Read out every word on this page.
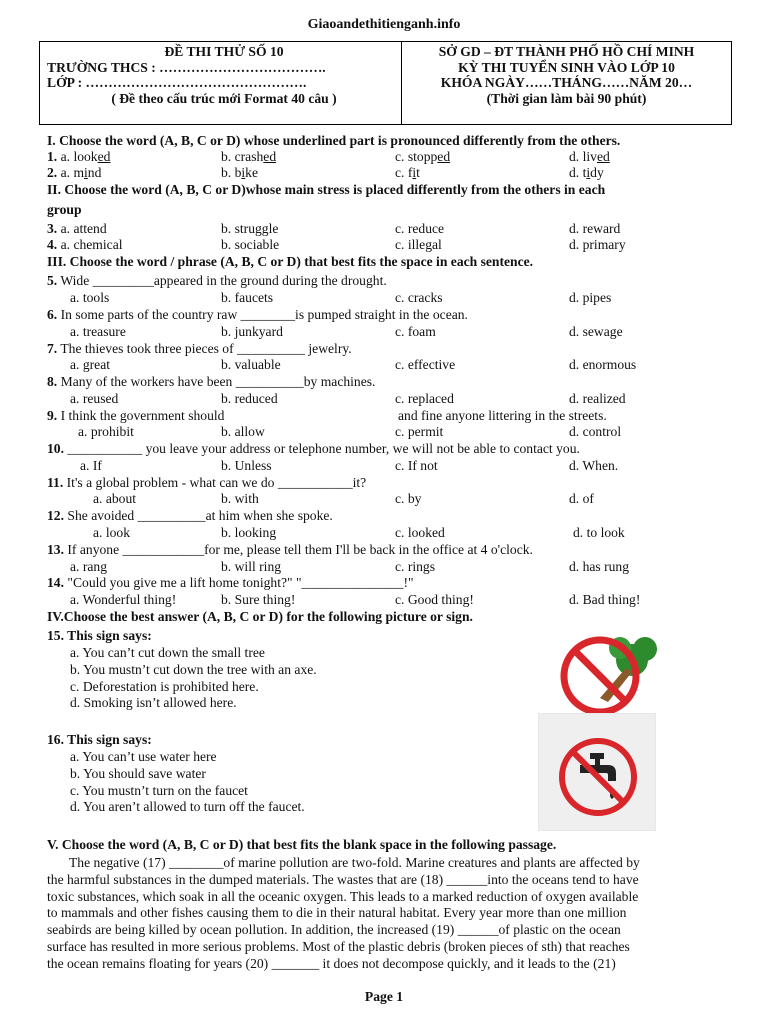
Giaoandethitienganh.info
ĐỀ THI THỬ SỐ 10
TRƯỜNG THCS : ……………………………….
LỚP : ………………………………………….
( Đề theo cấu trúc mới Format 40 câu )
SỞ GD – ĐT THÀNH PHỐ HỒ CHÍ MINH
KỲ THI TUYỂN SINH VÀO LỚP 10
KHÓA NGÀY……THÁNG……NĂM 20…
(Thời gian làm bài 90 phút)
I. Choose the word (A, B, C or D) whose underlined part is pronounced differently from the others.
1. a. looked	b. crashed	c. stopped	d. lived
2. a. mind	b. bike	c. fit	d. tidy
II. Choose the word (A, B, C or D)whose main stress is placed differently from the others in each
group
3. a. attend	b. struggle	c. reduce	d. reward
4. a. chemical	b. sociable	c. illegal	d. primary
III. Choose the word / phrase (A, B, C or D) that best fits the space in each sentence.
5. Wide _________appeared in the ground during the drought.
a. tools	b. faucets	c. cracks	d. pipes
6. In some parts of the country raw ________is pumped straight in the ocean.
a. treasure	b. junkyard	c. foam	d. sewage
7. The thieves took three pieces of __________ jewelry.
a. great	b. valuable	c. effective	d. enormous
8. Many of the workers have been __________by machines.
a. reused	b. reduced	c. replaced	d. realized
9. I think the government should	and fine anyone littering in the streets.
a. prohibit	b. allow	c. permit	d. control
10. ___________ you leave your address or telephone number, we will not be able to contact you.
a. If	b. Unless	c. If not	d. When.
11. It's a global problem - what can we do ___________it?
a. about	b. with	c. by	d. of
12. She avoided __________at him when she spoke.
a. look	b. looking	c. looked	d. to look
13. If anyone ____________for me, please tell them I'll be back in the office at 4 o'clock.
a. rang	b. will ring	c. rings	d. has rung
14. "Could you give me a lift home tonight?" "_______________!"
a. Wonderful thing!	b. Sure thing!	c. Good thing!	d. Bad thing!
IV.Choose the best answer (A, B, C or D) for the following picture or sign.
15. This sign says:
a. You can’t cut down the small tree
b. You mustn’t cut down the tree with an axe.
c. Deforestation is prohibited here.
d. Smoking isn’t allowed here.
16. This sign says:
a. You can’t use water here
b. You should save water
c. You mustn’t turn on the faucet
d. You aren’t allowed to turn off the faucet.
V. Choose the word (A, B, C or D) that best fits the blank space in the following passage.
The negative (17) ________of marine pollution are two-fold. Marine creatures and plants are affected by
the harmful substances in the dumped materials. The wastes that are (18) ______into the oceans tend to have
toxic substances, which soak in all the oceanic oxygen. This leads to a marked reduction of oxygen available
to mammals and other fishes causing them to die in their natural habitat. Every year more than one million
seabirds are being killed by ocean pollution. In addition, the increased (19) ______of plastic on the ocean
surface has resulted in more serious problems. Most of the plastic debris (broken pieces of sth) that reaches
the ocean remains floating for years (20) _______ it does not decompose quickly, and it leads to the (21)
Page 1
